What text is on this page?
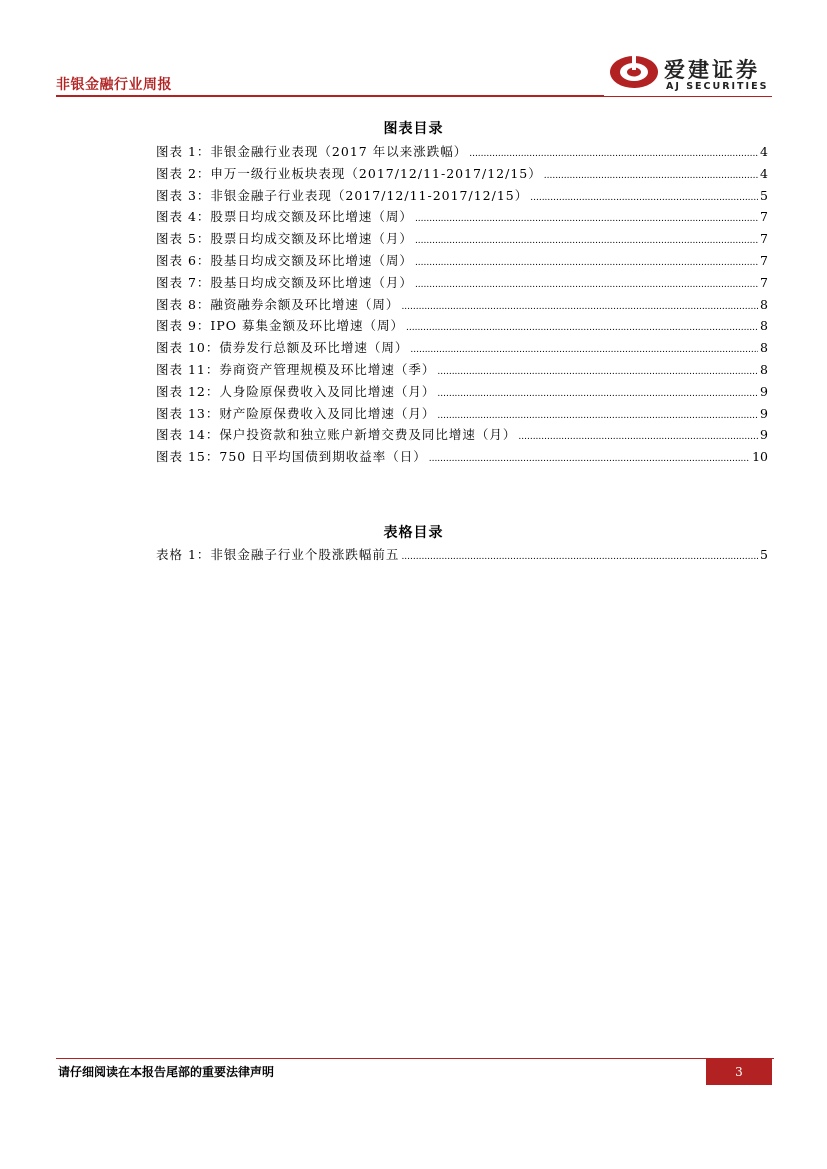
非银金融行业周报
爱建证券
AJ SECURITIES
图表目录
图表 1：非银金融行业表现（2017 年以来涨跌幅） .....	4
图表 2：申万一级行业板块表现（2017/12/11-2017/12/15） .....	4
图表 3：非银金融子行业表现（2017/12/11-2017/12/15） .....	5
图表 4：股票日均成交额及环比增速（周） .....	7
图表 5：股票日均成交额及环比增速（月） .....	7
图表 6：股基日均成交额及环比增速（周） .....	7
图表 7：股基日均成交额及环比增速（月） .....	7
图表 8：融资融券余额及环比增速（周） .....	8
图表 9：IPO 募集金额及环比增速（周） .....	8
图表 10：债券发行总额及环比增速（周） .....	8
图表 11：券商资产管理规模及环比增速（季） .....	8
图表 12：人身险原保费收入及同比增速（月） .....	9
图表 13：财产险原保费收入及同比增速（月） .....	9
图表 14：保户投资款和独立账户新增交费及同比增速（月） .....	9
图表 15：750 日平均国债到期收益率（日） .....	10
表格目录
表格 1：非银金融子行业个股涨跌幅前五 .....	5
请仔细阅读在本报告尾部的重要法律声明	3
